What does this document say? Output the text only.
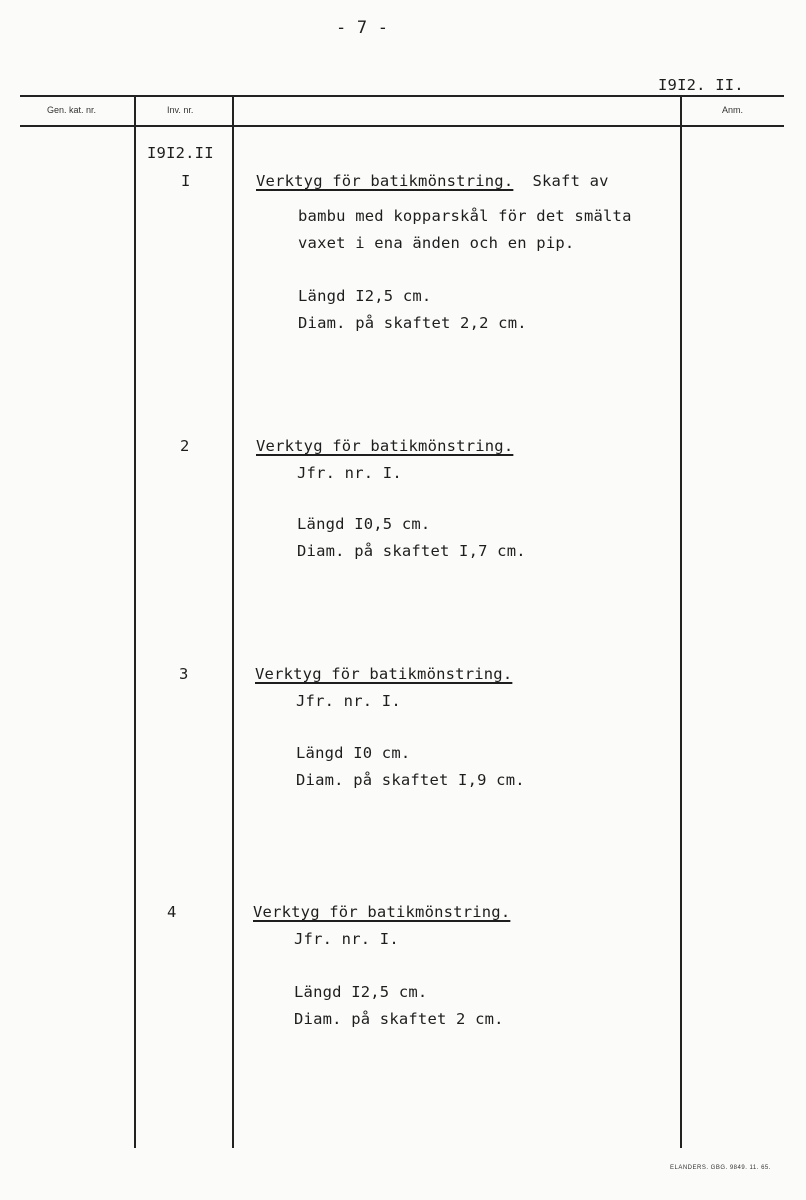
- 7 -
I9I2. II.
Gen. kat. nr.	Inv. nr.	Anm.
I9I2.II
I	Verktyg för batikmönstring. Skaft av
bambu med kopparskål för det smälta
vaxet i ena änden och en pip.
Längd I2,5 cm.
Diam. på skaftet 2,2 cm.
2	Verktyg för batikmönstring.
Jfr. nr. I.
Längd I0,5 cm.
Diam. på skaftet I,7 cm.
3	Verktyg för batikmönstring.
Jfr. nr. I.
Längd I0 cm.
Diam. på skaftet I,9 cm.
4	Verktyg för batikmönstring.
Jfr. nr. I.
Längd I2,5 cm.
Diam. på skaftet 2 cm.
ELANDERS. GBG. 9849. 11. 65.
